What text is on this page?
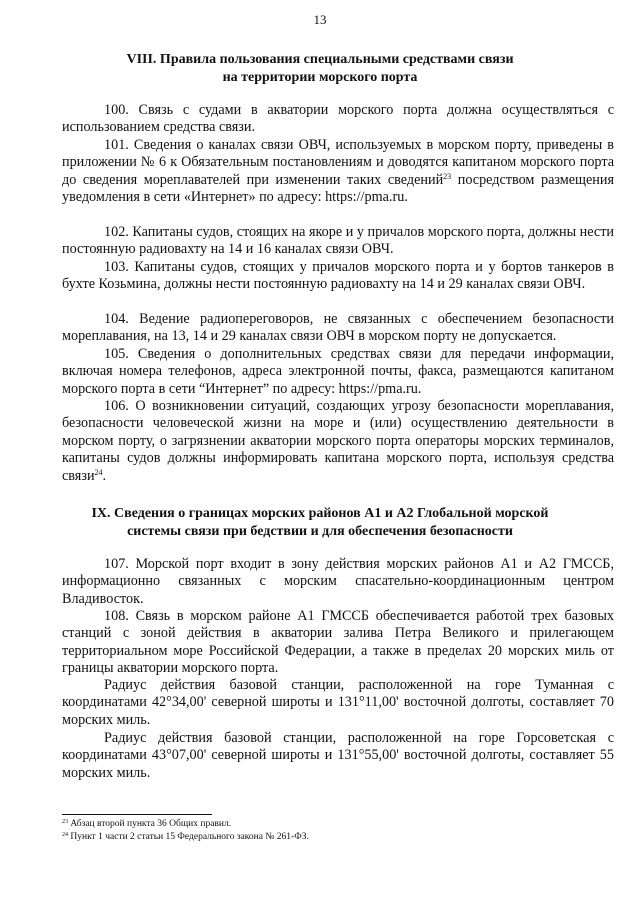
13
VIII. Правила пользования специальными средствами связи
на территории морского порта

100. Связь с судами в акватории морского порта должна осуществляться с использованием средства связи.

101. Сведения о каналах связи ОВЧ, используемых в морском порту, приведены в приложении № 6 к Обязательным постановлениям и доводятся капитаном морского порта до сведения мореплавателей при изменении таких сведений$^{23}$ посредством размещения уведомления в сети «Интернет» по адресу: https://pma.ru.

102. Капитаны судов, стоящих на якоре и у причалов морского порта, должны нести постоянную радиовахту на 14 и 16 каналах связи ОВЧ.

103. Капитаны судов, стоящих у причалов морского порта и у бортов танкеров в бухте Козьмина, должны нести постоянную радиовахту на 14 и 29 каналах связи ОВЧ.

104. Ведение радиопереговоров, не связанных с обеспечением безопасности мореплавания, на 13, 14 и 29 каналах связи ОВЧ в морском порту не допускается.

105. Сведения о дополнительных средствах связи для передачи информации, включая номера телефонов, адреса электронной почты, факса, размещаются капитаном морского порта в сети “Интернет” по адресу: https://pma.ru.

106. О возникновении ситуаций, создающих угрозу безопасности мореплавания, безопасности человеческой жизни на море и (или) осуществлению деятельности в морском порту, о загрязнении акватории морского порта операторы морских терминалов, капитаны судов должны информировать капитана морского порта, используя средства связи$^{24}$.

IX. Сведения о границах морских районов А1 и А2 Глобальной морской
системы связи при бедствии и для обеспечения безопасности

107. Морской порт входит в зону действия морских районов А1 и А2 ГМССБ, информационно связанных с морским спасательно-координационным центром Владивосток.

108. Связь в морском районе А1 ГМССБ обеспечивается работой трех базовых станций с зоной действия в акватории залива Петра Великого и прилегающем территориальном море Российской Федерации, а также в пределах 20 морских миль от границы акватории морского порта.

Радиус действия базовой станции, расположенной на горе Туманная с координатами 42°34,00' северной широты и 131°11,00' восточной долготы, составляет 70 морских миль.

Радиус действия базовой станции, расположенной на горе Горсоветская с координатами 43°07,00' северной широты и 131°55,00' восточной долготы, составляет 55 морских миль.

$^{23}$ Абзац второй пункта 36 Общих правил.
$^{24}$ Пункт 1 части 2 статьи 15 Федерального закона № 261-ФЗ.
